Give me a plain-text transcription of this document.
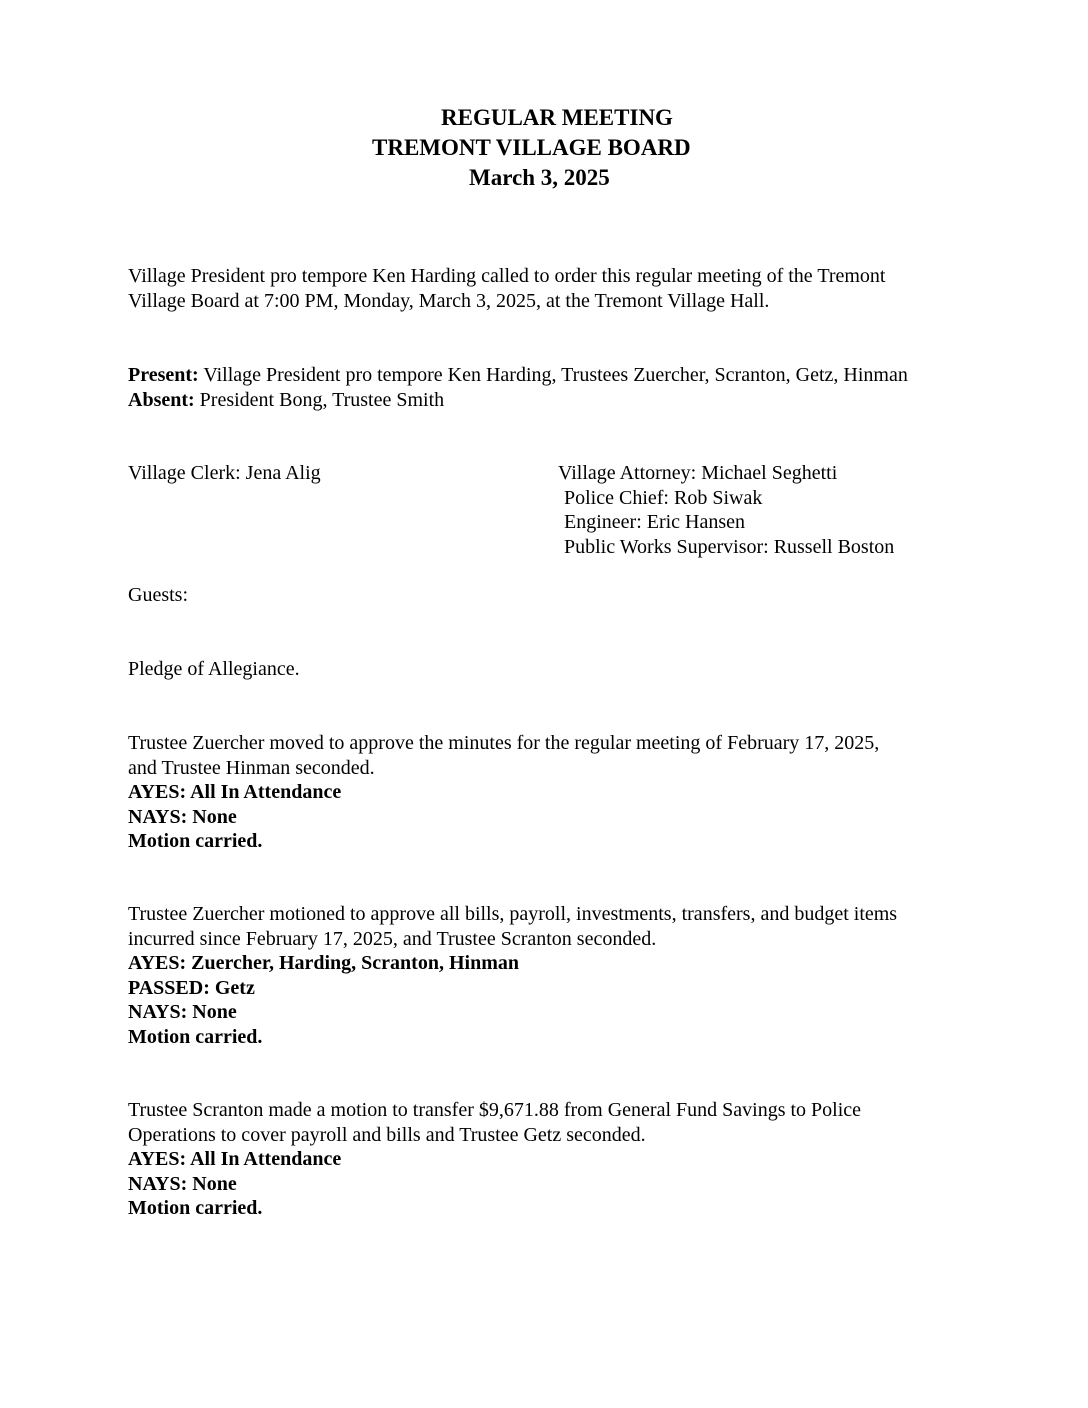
REGULAR MEETING
TREMONT VILLAGE BOARD
March 3, 2025
Village President pro tempore Ken Harding called to order this regular meeting of the Tremont
Village Board at 7:00 PM, Monday, March 3, 2025, at the Tremont Village Hall.
Present: Village President pro tempore Ken Harding, Trustees Zuercher, Scranton, Getz, Hinman
Absent: President Bong, Trustee Smith
Village Clerk: Jena Alig	Village Attorney: Michael Seghetti
Police Chief: Rob Siwak
Engineer: Eric Hansen
Public Works Supervisor: Russell Boston
Guests:
Pledge of Allegiance.
Trustee Zuercher moved to approve the minutes for the regular meeting of February 17, 2025,
and Trustee Hinman seconded.
AYES: All In Attendance
NAYS: None
Motion carried.
Trustee Zuercher motioned to approve all bills, payroll, investments, transfers, and budget items
incurred since February 17, 2025, and Trustee Scranton seconded.
AYES: Zuercher, Harding, Scranton, Hinman
PASSED: Getz
NAYS: None
Motion carried.
Trustee Scranton made a motion to transfer $9,671.88 from General Fund Savings to Police
Operations to cover payroll and bills and Trustee Getz seconded.
AYES: All In Attendance
NAYS: None
Motion carried.
